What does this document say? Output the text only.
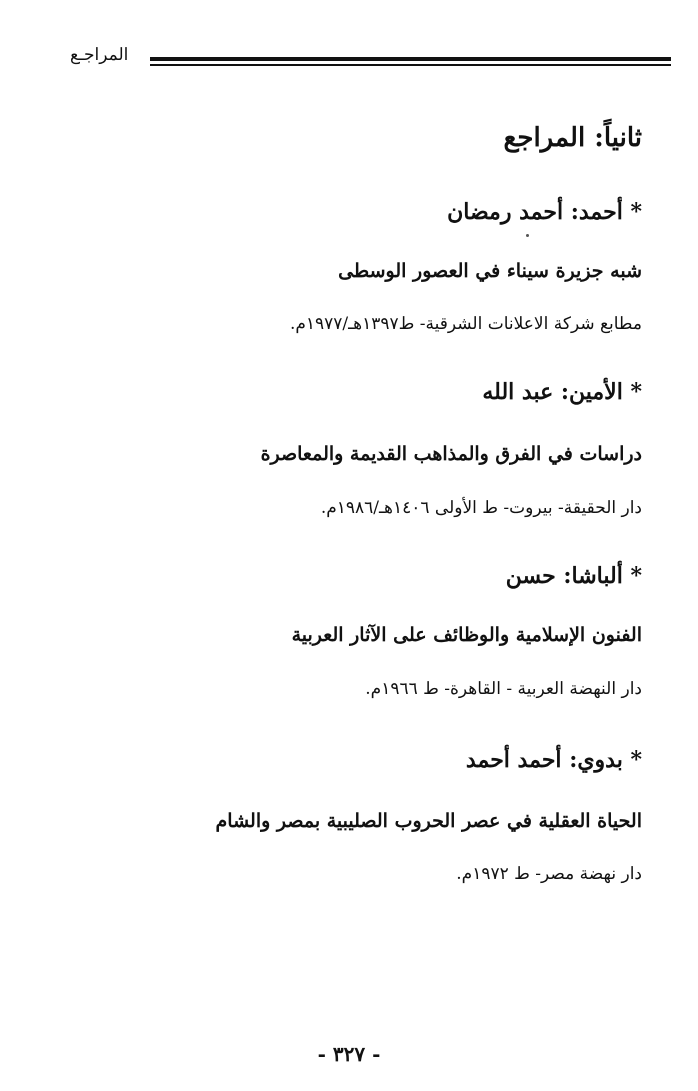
المراجـع
ثانياً: المراجع
* أحمد: أحمد رمضان
شبه جزيرة سيناء في العصور الوسطى
مطابع شركة الاعلانات الشرقية- ط١٣٩٧هـ/١٩٧٧م.
* الأمين: عبد الله
دراسات في الفرق والمذاهب القديمة والمعاصرة
دار الحقيقة- بيروت- ط الأولى ١٤٠٦هـ/١٩٨٦م.
* ألباشا: حسن
الفنون الإسلامية والوظائف على الآثار العربية
دار النهضة العربية - القاهرة- ط ١٩٦٦م.
* بدوي: أحمد أحمد
الحياة العقلية في عصر الحروب الصليبية بمصر والشام
دار نهضة مصر- ط ١٩٧٢م.
- ٣٢٧ -
